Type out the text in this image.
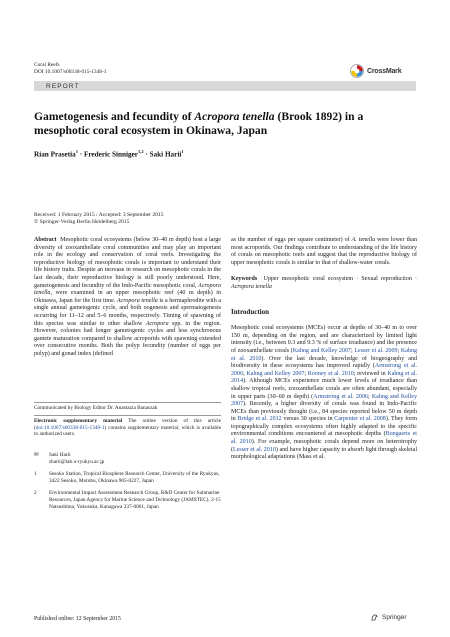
Coral Reefs
DOI 10.1007/s00338-015-1348-1	CrossMark
REPORT
Gametogenesis and fecundity of Acropora tenella (Brook 1892) in a mesophotic coral ecosystem in Okinawa, Japan
Rian Prasetia$^1$ · Frederic Sinniger$^{1,2}$ · Saki Harii$^1$
Received: 1 February 2015 / Accepted: 3 September 2015
© Springer-Verlag Berlin Heidelberg 2015

Abstract Mesophotic coral ecosystems (below 30–40 m depth) host a large diversity of zooxanthellate coral communities and may play an important role in the ecology and conservation of coral reefs. Investigating the reproductive biology of mesophotic corals is important to understand their life history traits. Despite an increase in research on mesophotic corals in the last decade, their reproductive biology is still poorly understood. Here, gametogenesis and fecundity of the Indo-Pacific mesophotic coral, Acropora tenella, were examined in an upper mesophotic reef (40 m depth) in Okinawa, Japan for the first time. Acropora tenella is a hermaphrodite with a single annual gametogenic cycle, and both oogenesis and spermatogenesis occurring for 11–12 and 5–6 months, respectively. Timing of spawning of this species was similar to other shallow Acropora spp. in the region. However, colonies had longer gametogenic cycles and less synchronous gamete maturation compared to shallow acroporids with spawning extended over consecutive months. Both the polyp fecundity (number of eggs per polyp) and gonad index (defined

Communicated by Biology Editor Dr. Anastazia Banaszak
Electronic supplementary material The online version of this article (doi:10.1007/s00338-015-1348-1) contains supplementary material, which is available to authorized users.
✉	Saki Harii
sharii@lab.u-ryukyu.ac.jp
1	Sesoko Station, Tropical Biosphere Research Center, University of the Ryukyus, 3422 Sesoko, Motobu, Okinawa 905-0227, Japan
2	Environmental Impact Assessment Research Group, R&D Center for Submarine Resources, Japan Agency for Marine Science and Technology (JAMSTEC), 2-15 Natsushima, Yokosuka, Kanagawa 237-0061, Japan

as the number of eggs per square centimeter) of A. tenella were lower than most acroporids. Our findings contribute to understanding of the life history of corals on mesophotic reefs and suggest that the reproductive biology of upper mesophotic corals is similar to that of shallow-water corals.

Keywords Upper mesophotic coral ecosystem · Sexual reproduction · Acropora tenella

Introduction

Mesophotic coral ecosystems (MCEs) occur at depths of 30–40 m to over 150 m, depending on the region, and are characterized by limited light intensity (i.e., between 0.3 and 9.3 % of surface irradiance) and the presence of zooxanthellate corals (Kahng and Kelley 2007; Lesser et al. 2009; Kahng et al. 2010). Over the last decade, knowledge of biogeography and biodiversity in these ecosystems has improved rapidly (Armstrong et al. 2006; Kahng and Kelley 2007; Rooney et al. 2010; reviewed in Kahng et al. 2014). Although MCEs experience much lower levels of irradiance than shallow tropical reefs, zooxanthellate corals are often abundant, especially in upper parts (30–60 m depth) (Armstrong et al. 2006; Kahng and Kelley 2007). Recently, a higher diversity of corals was found in Indo-Pacific MCEs than previously thought (i.e., 84 species reported below 50 m depth in Bridge et al. 2012 versus 30 species in Carpenter et al. 2008). They form topographically complex ecosystems often highly adapted to the specific environmental conditions encountered at mesophotic depths (Bongaerts et al. 2010). For example, mesophotic corals depend more on heterotrophy (Lesser et al. 2010) and have higher capacity to absorb light through skeletal morphological adaptations (Mass et al.

Published online: 12 September 2015	Springer
